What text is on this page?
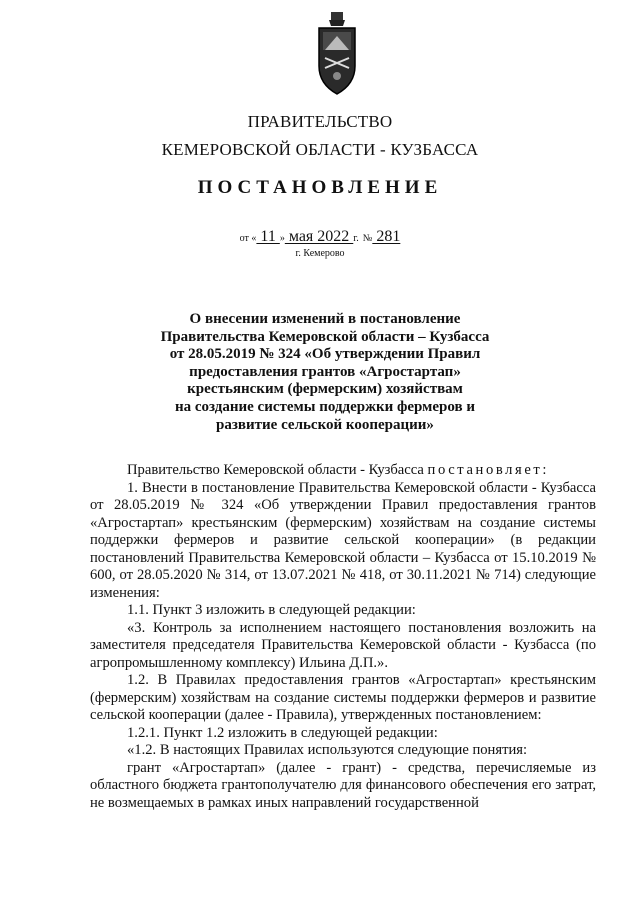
ПРАВИТЕЛЬСТВО
КЕМЕРОВСКОЙ ОБЛАСТИ - КУЗБАССА
ПОСТАНОВЛЕНИЕ
от « 11 » мая 2022 г. № 281
г. Кемерово
О внесении изменений в постановление
Правительства Кемеровской области – Кузбасса
от 28.05.2019 № 324 «Об утверждении Правил
предоставления грантов «Агростартап»
крестьянским (фермерским) хозяйствам
на создание системы поддержки фермеров и
развитие сельской кооперации»

Правительство Кемеровской области - Кузбасса постановляет:

1. Внести в постановление Правительства Кемеровской области - Кузбасса от 28.05.2019 № 324 «Об утверждении Правил предоставления грантов «Агростартап» крестьянским (фермерским) хозяйствам на создание системы поддержки фермеров и развитие сельской кооперации» (в редакции постановлений Правительства Кемеровской области – Кузбасса от 15.10.2019 № 600, от 28.05.2020 № 314, от 13.07.2021 № 418, от 30.11.2021 № 714) следующие изменения:

1.1. Пункт 3 изложить в следующей редакции:

«3. Контроль за исполнением настоящего постановления возложить на заместителя председателя Правительства Кемеровской области - Кузбасса (по агропромышленному комплексу) Ильина Д.П.».

1.2. В Правилах предоставления грантов «Агростартап» крестьянским (фермерским) хозяйствам на создание системы поддержки фермеров и развитие сельской кооперации (далее - Правила), утвержденных постановлением:

1.2.1. Пункт 1.2 изложить в следующей редакции:

«1.2. В настоящих Правилах используются следующие понятия:

грант «Агростартап» (далее - грант) - средства, перечисляемые из областного бюджета грантополучателю для финансового обеспечения его затрат, не возмещаемых в рамках иных направлений государственной
